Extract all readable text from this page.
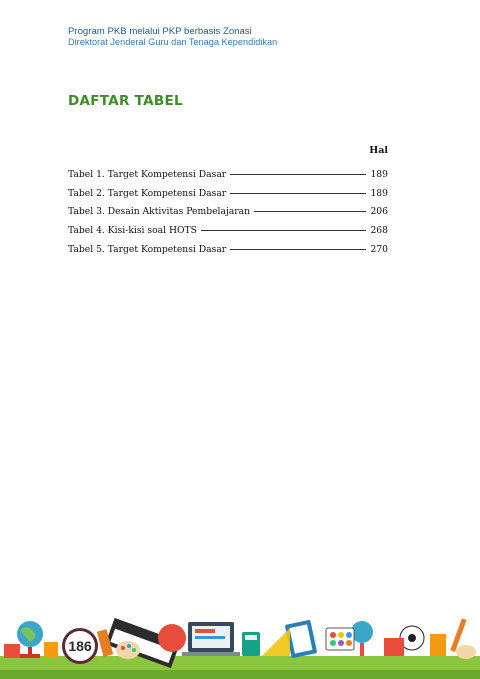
Program PKB melalui PKP berbasis Zonasi
Direktorat Jenderal Guru dan Tenaga Kependidikan
DAFTAR TABEL
Hal
Tabel 1. Target Kompetensi Dasar	189
Tabel 2. Target Kompetensi Dasar	189
Tabel 3. Desain Aktivitas Pembelajaran	206
Tabel 4. Kisi-kisi soal HOTS	268
Tabel 5. Target Kompetensi Dasar	270
186
